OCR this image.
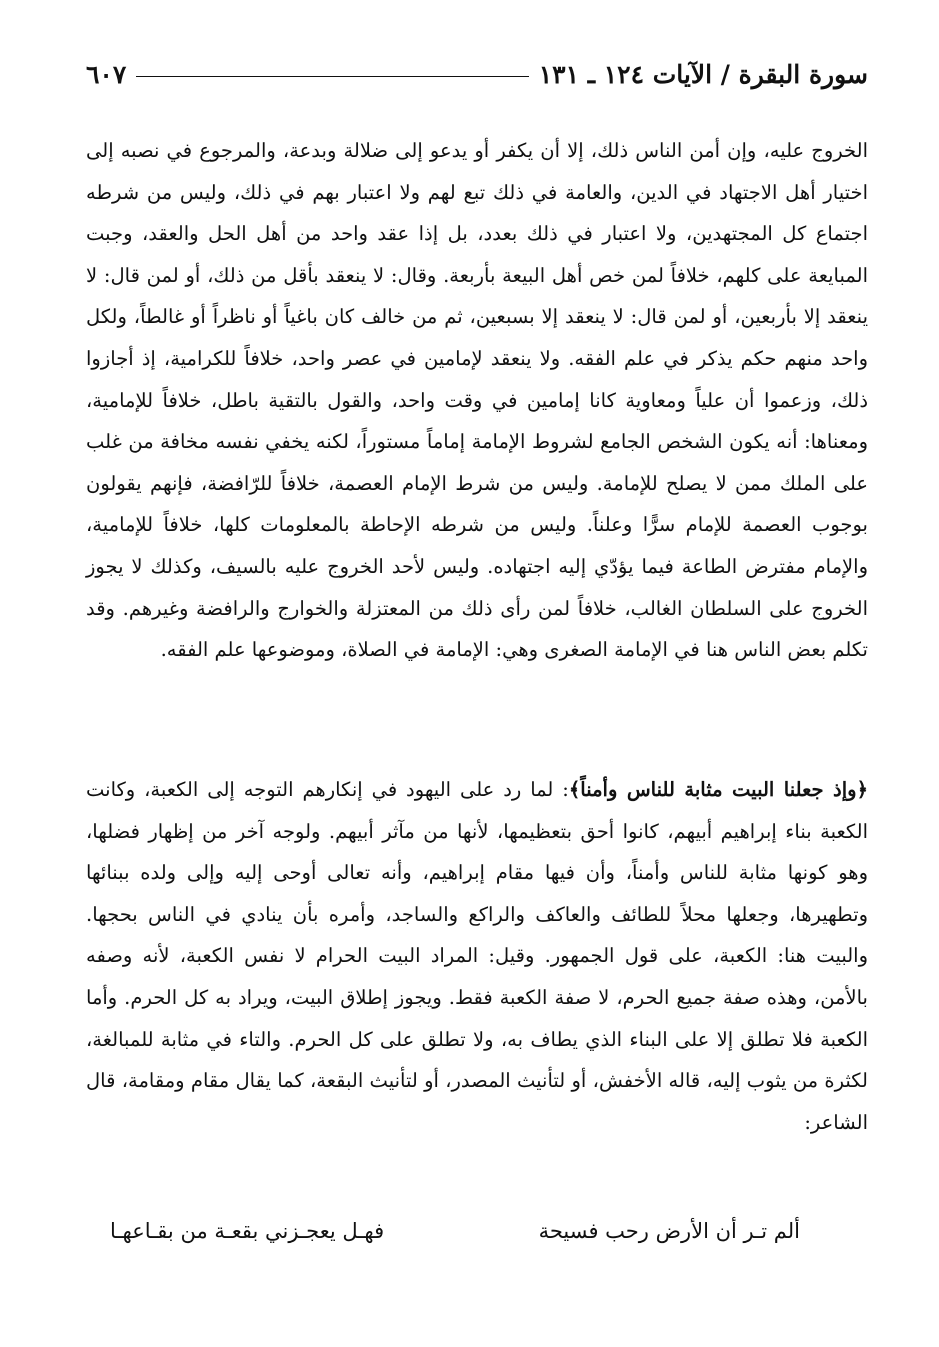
سورة البقرة / الآيات ١٢٤ ـ ١٣١
٦٠٧

الخروج عليه، وإن أمن الناس ذلك، إلا أن يكفر أو يدعو إلى ضلالة وبدعة، والمرجوع في نصبه إلى اختيار أهل الاجتهاد في الدين، والعامة في ذلك تبع لهم ولا اعتبار بهم في ذلك، وليس من شرطه اجتماع كل المجتهدين، ولا اعتبار في ذلك بعدد، بل إذا عقد واحد من أهل الحل والعقد، وجبت المبايعة على كلهم، خلافاً لمن خص أهل البيعة بأربعة. وقال: لا ينعقد بأقل من ذلك، أو لمن قال: لا ينعقد إلا بأربعين، أو لمن قال: لا ينعقد إلا بسبعين، ثم من خالف كان باغياً أو ناظراً أو غالطاً، ولكل واحد منهم حكم يذكر في علم الفقه. ولا ينعقد لإمامين في عصر واحد، خلافاً للكرامية، إذ أجازوا ذلك، وزعموا أن علياً ومعاوية كانا إمامين في وقت واحد، والقول بالتقية باطل، خلافاً للإمامية، ومعناها: أنه يكون الشخص الجامع لشروط الإمامة إماماً مستوراً، لكنه يخفي نفسه مخافة من غلب على الملك ممن لا يصلح للإمامة. وليس من شرط الإمام العصمة، خلافاً للرّافضة، فإنهم يقولون بوجوب العصمة للإمام سرًّا وعلناً. وليس من شرطه الإحاطة بالمعلومات كلها، خلافاً للإمامية، والإمام مفترض الطاعة فيما يؤدّي إليه اجتهاده. وليس لأحد الخروج عليه بالسيف، وكذلك لا يجوز الخروج على السلطان الغالب، خلافاً لمن رأى ذلك من المعتزلة والخوارج والرافضة وغيرهم. وقد تكلم بعض الناس هنا في الإمامة الصغرى وهي: الإمامة في الصلاة، وموضوعها علم الفقه.

﴿وإذ جعلنا البيت مثابة للناس وأمناً﴾: لما رد على اليهود في إنكارهم التوجه إلى الكعبة، وكانت الكعبة بناء إبراهيم أبيهم، كانوا أحق بتعظيمها، لأنها من مآثر أبيهم. ولوجه آخر من إظهار فضلها، وهو كونها مثابة للناس وأمناً، وأن فيها مقام إبراهيم، وأنه تعالى أوحى إليه وإلى ولده ببنائها وتطهيرها، وجعلها محلاً للطائف والعاكف والراكع والساجد، وأمره بأن ينادي في الناس بحجها. والبيت هنا: الكعبة، على قول الجمهور. وقيل: المراد البيت الحرام لا نفس الكعبة، لأنه وصفه بالأمن، وهذه صفة جميع الحرم، لا صفة الكعبة فقط. ويجوز إطلاق البيت، ويراد به كل الحرم. وأما الكعبة فلا تطلق إلا على البناء الذي يطاف به، ولا تطلق على كل الحرم. والتاء في مثابة للمبالغة، لكثرة من يثوب إليه، قاله الأخفش، أو لتأنيث المصدر، أو لتأنيث البقعة، كما يقال مقام ومقامة، قال الشاعر:

ألم تـر أن الأرض رحب فسيحة
فهـل يعجـزني بقعـة من بقـاعهـا
